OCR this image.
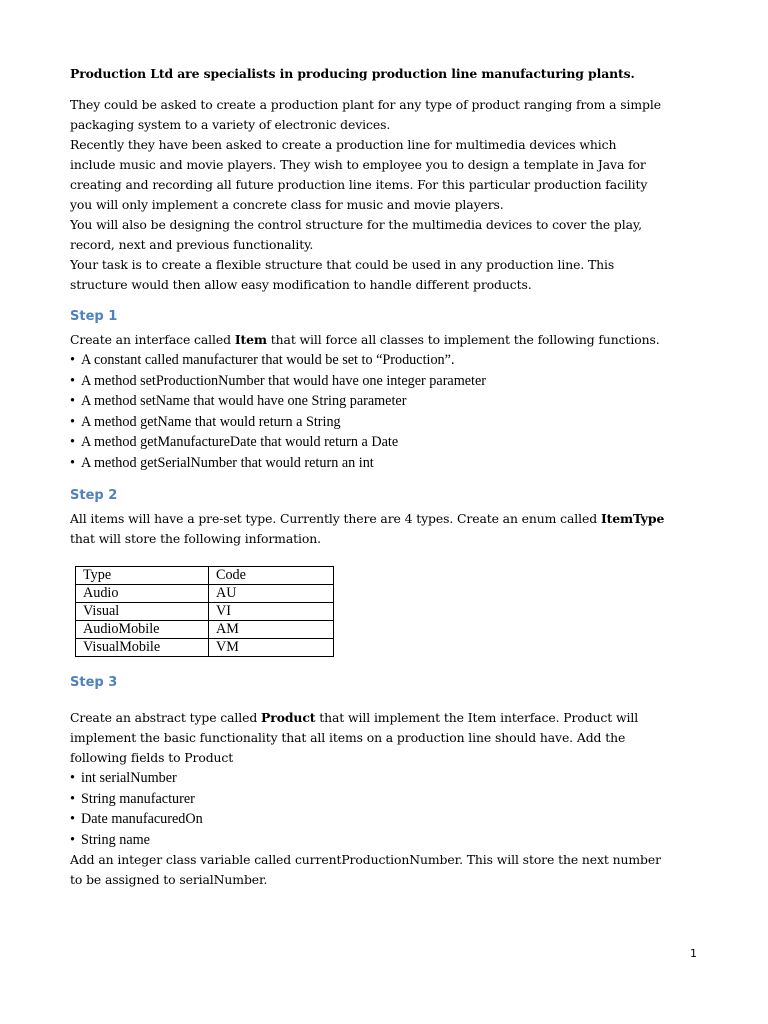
Production Ltd are specialists in producing production line manufacturing plants.

They could be asked to create a production plant for any type of product ranging from a simple
packaging system to a variety of electronic devices.
Recently they have been asked to create a production line for multimedia devices which
include music and movie players. They wish to employee you to design a template in Java for
creating and recording all future production line items. For this particular production facility
you will only implement a concrete class for music and movie players.
You will also be designing the control structure for the multimedia devices to cover the play,
record, next and previous functionality.
Your task is to create a flexible structure that could be used in any production line. This
structure would then allow easy modification to handle different products.
Step 1
Create an interface called Item that will force all classes to implement the following functions.
• A constant called manufacturer that would be set to “Production”.
• A method setProductionNumber that would have one integer parameter
• A method setName that would have one String parameter
• A method getName that would return a String
• A method getManufactureDate that would return a Date
• A method getSerialNumber that would return an int
Step 2
All items will have a pre-set type. Currently there are 4 types. Create an enum called ItemType
that will store the following information.
Type	Code
Audio	AU
Visual	VI
AudioMobile	AM
VisualMobile	VM
Step 3
Create an abstract type called Product that will implement the Item interface. Product will
implement the basic functionality that all items on a production line should have. Add the
following fields to Product
• int serialNumber
• String manufacturer
• Date manufacuredOn
• String name
Add an integer class variable called currentProductionNumber. This will store the next number
to be assigned to serialNumber.
1
